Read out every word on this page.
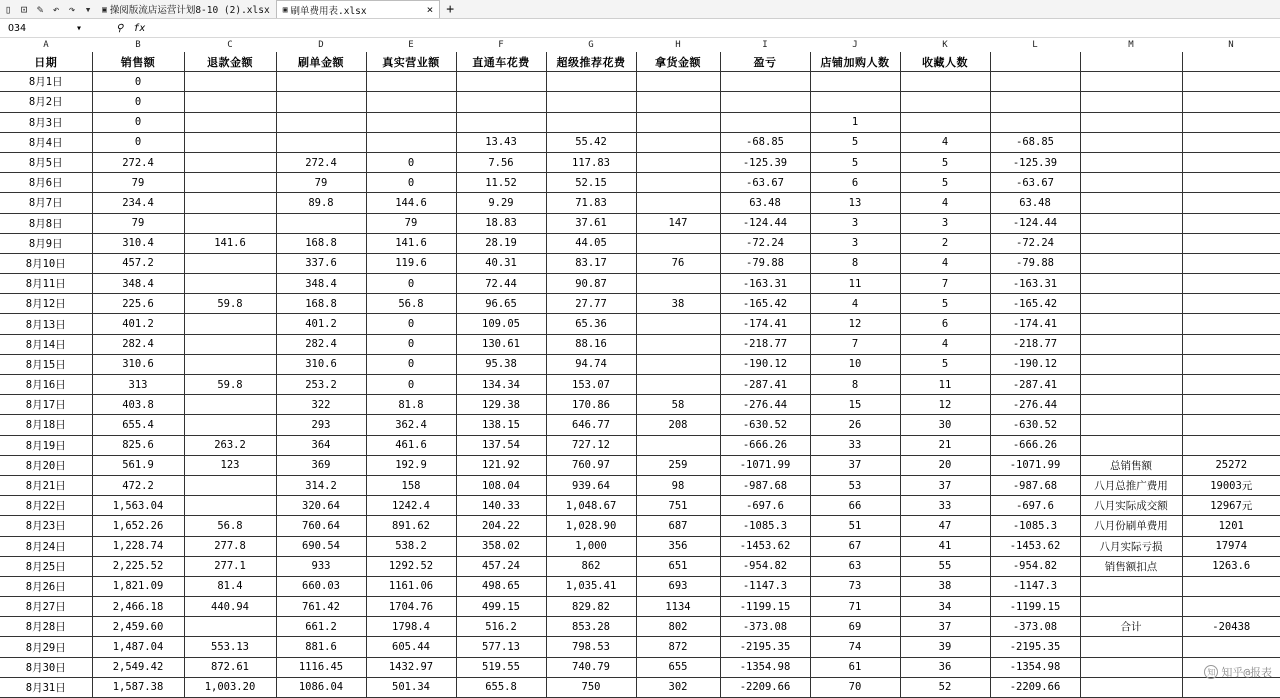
▯ ⊡ ✎ ↶ ↷ ▾	▣ 操阅版流店运营计划8-10 (2).xlsx ▣ 刷单费用表.xlsx	×	+
O34	▾	⚲ fx
A	B	C	D	E	F	G	H	I	J	K	L	M	N
日期	销售额	退款金额	刷单金额	真实营业额	直通车花费	超级推荐花费	拿货金额	盈亏	店铺加购人数	收藏人数			
8月1日	0												
8月2日	0												
8月3日	0								1				
8月4日	0				13.43	55.42		-68.85	5	4	-68.85		
8月5日	272.4		272.4	0	7.56	117.83		-125.39	5	5	-125.39		
8月6日	79		79	0	11.52	52.15		-63.67	6	5	-63.67		
8月7日	234.4		89.8	144.6	9.29	71.83		63.48	13	4	63.48		
8月8日	79			79	18.83	37.61	147	-124.44	3	3	-124.44		
8月9日	310.4	141.6	168.8	141.6	28.19	44.05		-72.24	3	2	-72.24		
8月10日	457.2		337.6	119.6	40.31	83.17	76	-79.88	8	4	-79.88		
8月11日	348.4		348.4	0	72.44	90.87		-163.31	11	7	-163.31		
8月12日	225.6	59.8	168.8	56.8	96.65	27.77	38	-165.42	4	5	-165.42		
8月13日	401.2		401.2	0	109.05	65.36		-174.41	12	6	-174.41		
8月14日	282.4		282.4	0	130.61	88.16		-218.77	7	4	-218.77		
8月15日	310.6		310.6	0	95.38	94.74		-190.12	10	5	-190.12		
8月16日	313	59.8	253.2	0	134.34	153.07		-287.41	8	11	-287.41		
8月17日	403.8		322	81.8	129.38	170.86	58	-276.44	15	12	-276.44		
8月18日	655.4		293	362.4	138.15	646.77	208	-630.52	26	30	-630.52		
8月19日	825.6	263.2	364	461.6	137.54	727.12		-666.26	33	21	-666.26		
8月20日	561.9	123	369	192.9	121.92	760.97	259	-1071.99	37	20	-1071.99	总销售额	25272
8月21日	472.2		314.2	158	108.04	939.64	98	-987.68	53	37	-987.68	八月总推广费用	19003元
8月22日	1,563.04		320.64	1242.4	140.33	1,048.67	751	-697.6	66	33	-697.6	八月实际成交额	12967元
8月23日	1,652.26	56.8	760.64	891.62	204.22	1,028.90	687	-1085.3	51	47	-1085.3	八月份刷单费用	1201
8月24日	1,228.74	277.8	690.54	538.2	358.02	1,000	356	-1453.62	67	41	-1453.62	八月实际亏损	17974
8月25日	2,225.52	277.1	933	1292.52	457.24	862	651	-954.82	63	55	-954.82	销售额扣点	1263.6
8月26日	1,821.09	81.4	660.03	1161.06	498.65	1,035.41	693	-1147.3	73	38	-1147.3		
8月27日	2,466.18	440.94	761.42	1704.76	499.15	829.82	1134	-1199.15	71	34	-1199.15		
8月28日	2,459.60		661.2	1798.4	516.2	853.28	802	-373.08	69	37	-373.08	合计	-20438
8月29日	1,487.04	553.13	881.6	605.44	577.13	798.53	872	-2195.35	74	39	-2195.35		
8月30日	2,549.42	872.61	1116.45	1432.97	519.55	740.79	655	-1354.98	61	36	-1354.98		
8月31日	1,587.38	1,003.20	1086.04	501.34	655.8	750	302	-2209.66	70	52	-2209.66		
知 知乎@报表
